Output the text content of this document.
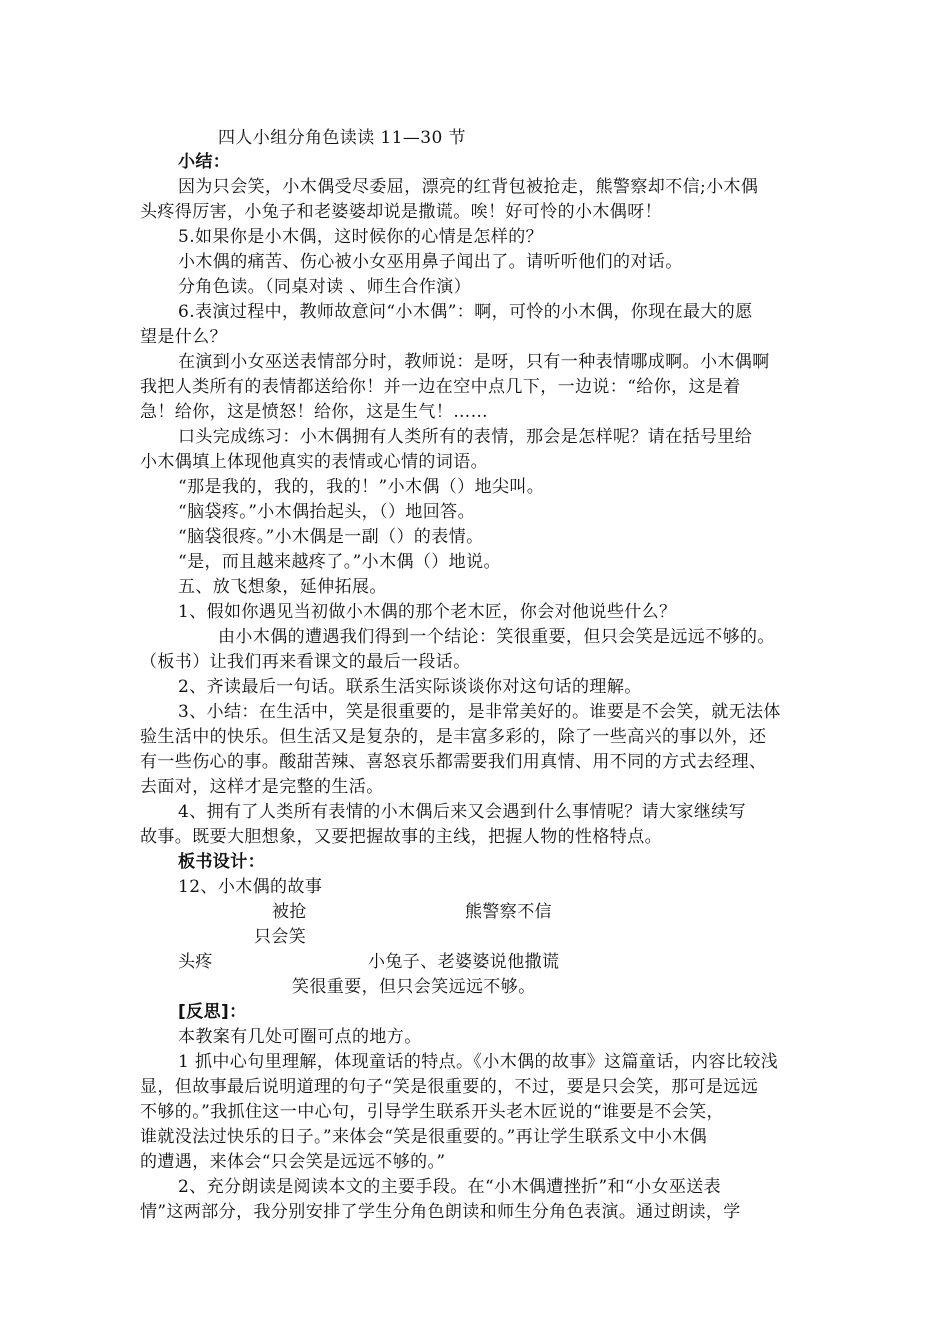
四人小组分角色读读 11—30 节
小结：
因为只会笑，小木偶受尽委屈，漂亮的红背包被抢走，熊警察却不信;小木偶
头疼得厉害，小兔子和老婆婆却说是撒谎。唉！好可怜的小木偶呀！
5.如果你是小木偶，这时候你的心情是怎样的？
小木偶的痛苦、伤心被小女巫用鼻子闻出了。请听听他们的对话。
分角色读。（同桌对读 、师生合作演）
6.表演过程中，教师故意问“小木偶”：啊，可怜的小木偶，你现在最大的愿
望是什么？
在演到小女巫送表情部分时，教师说：是呀，只有一种表情哪成啊。小木偶啊
我把人类所有的表情都送给你！并一边在空中点几下，一边说：“给你，这是着
急！给你，这是愤怒！给你，这是生气！……
口头完成练习：小木偶拥有人类所有的表情，那会是怎样呢？请在括号里给
小木偶填上体现他真实的表情或心情的词语。
“那是我的，我的，我的！”小木偶（）地尖叫。
“脑袋疼。”小木偶抬起头，（）地回答。
“脑袋很疼。”小木偶是一副（）的表情。
“是，而且越来越疼了。”小木偶（）地说。
五、放飞想象，延伸拓展。
1、假如你遇见当初做小木偶的那个老木匠，你会对他说些什么？
由小木偶的遭遇我们得到一个结论：笑很重要，但只会笑是远远不够的。
（板书）让我们再来看课文的最后一段话。
2、齐读最后一句话。联系生活实际谈谈你对这句话的理解。
3、小结：在生活中，笑是很重要的，是非常美好的。谁要是不会笑，就无法体
验生活中的快乐。但生活又是复杂的，是丰富多彩的，除了一些高兴的事以外，还
有一些伤心的事。酸甜苦辣、喜怒哀乐都需要我们用真情、用不同的方式去经理、
去面对，这样才是完整的生活。
4、拥有了人类所有表情的小木偶后来又会遇到什么事情呢？请大家继续写
故事。既要大胆想象，又要把握故事的主线，把握人物的性格特点。
板书设计：
12、小木偶的故事
被抢	熊警察不信
只会笑
头疼	小兔子、老婆婆说他撒谎
笑很重要，但只会笑远远不够。
[反思]：
本教案有几处可圈可点的地方。
1 抓中心句里理解，体现童话的特点。《小木偶的故事》这篇童话，内容比较浅
显，但故事最后说明道理的句子“笑是很重要的，不过，要是只会笑，那可是远远
不够的。”我抓住这一中心句，引导学生联系开头老木匠说的“谁要是不会笑，
谁就没法过快乐的日子。”来体会“笑是很重要的。”再让学生联系文中小木偶
的遭遇，来体会“只会笑是远远不够的。”
2、充分朗读是阅读本文的主要手段。在“小木偶遭挫折”和“小女巫送表
情”这两部分，我分别安排了学生分角色朗读和师生分角色表演。通过朗读，学
